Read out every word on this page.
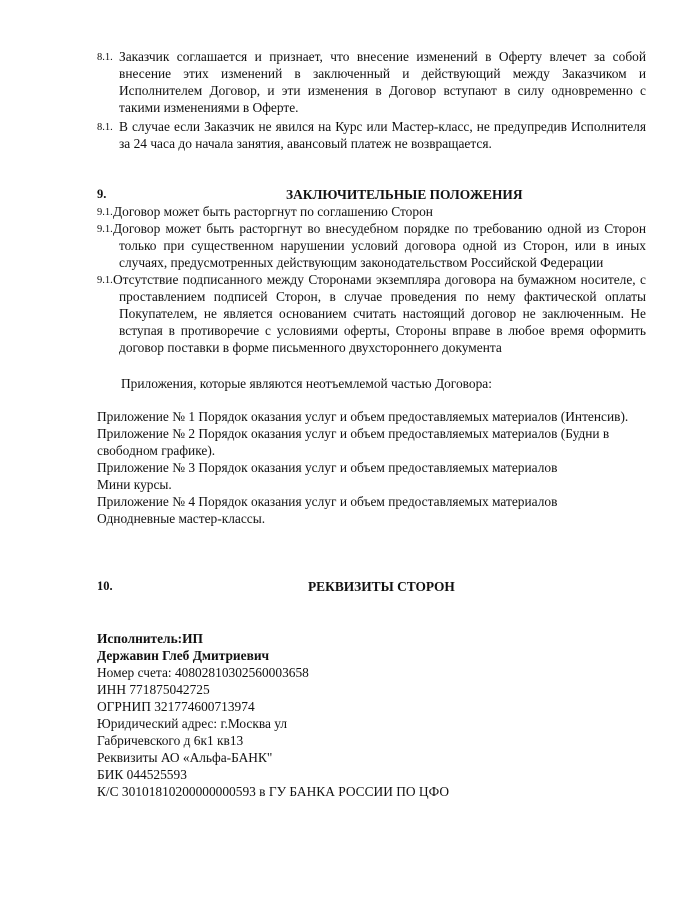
8.1. Заказчик соглашается и признает, что внесение изменений в Оферту влечет за собой
внесение этих изменений в заключенный и действующий между Заказчиком и Исполнителем Договор, и эти изменения в Договор вступают в силу одновременно с такими изменениями в Оферте.
8.1. В случае если Заказчик не явился на Курс или Мастер-класс, не предупредив Исполнителя
за 24 часа до начала занятия, авансовый платеж не возвращается.
9.	ЗАКЛЮЧИТЕЛЬНЫЕ ПОЛОЖЕНИЯ
9.1. Договор может быть расторгнут по соглашению Сторон
9.1. Договор может быть расторгнут во внесудебном порядке по требованию одной из Сторон
только при существенном нарушении условий договора одной из Сторон, или в иных случаях, предусмотренных действующим законодательством Российской Федерации
9.1. Отсутствие подписанного между Сторонами экземпляра договора на бумажном носителе, с
проставлением подписей Сторон, в случае проведения по нему фактической оплаты Покупателем, не является основанием считать настоящий договор не заключенным. Не вступая в противоречие с условиями оферты, Стороны вправе в любое время оформить договор поставки в форме письменного двухстороннего документа
Приложения, которые являются неотъемлемой частью Договора:
Приложение № 1 Порядок оказания услуг и объем предоставляемых материалов (Интенсив).
Приложение № 2 Порядок оказания услуг и объем предоставляемых материалов (Будни в
свободном графике).
Приложение № 3 Порядок оказания услуг и объем предоставляемых материалов
Мини курсы.
Приложение № 4 Порядок оказания услуг и объем предоставляемых материалов
Однодневные мастер-классы.
10.	РЕКВИЗИТЫ СТОРОН
Исполнитель:ИП
Державин Глеб Дмитриевич
Номер счета: 40802810302560003658
ИНН 771875042725
ОГРНИП 321774600713974
Юридический адрес: г.Москва ул
Габричевского д 6к1 кв13
Реквизиты АО «Альфа-БАНК"
БИК 044525593
К/С 30101810200000000593 в ГУ БАНКА РОССИИ ПО ЦФО
